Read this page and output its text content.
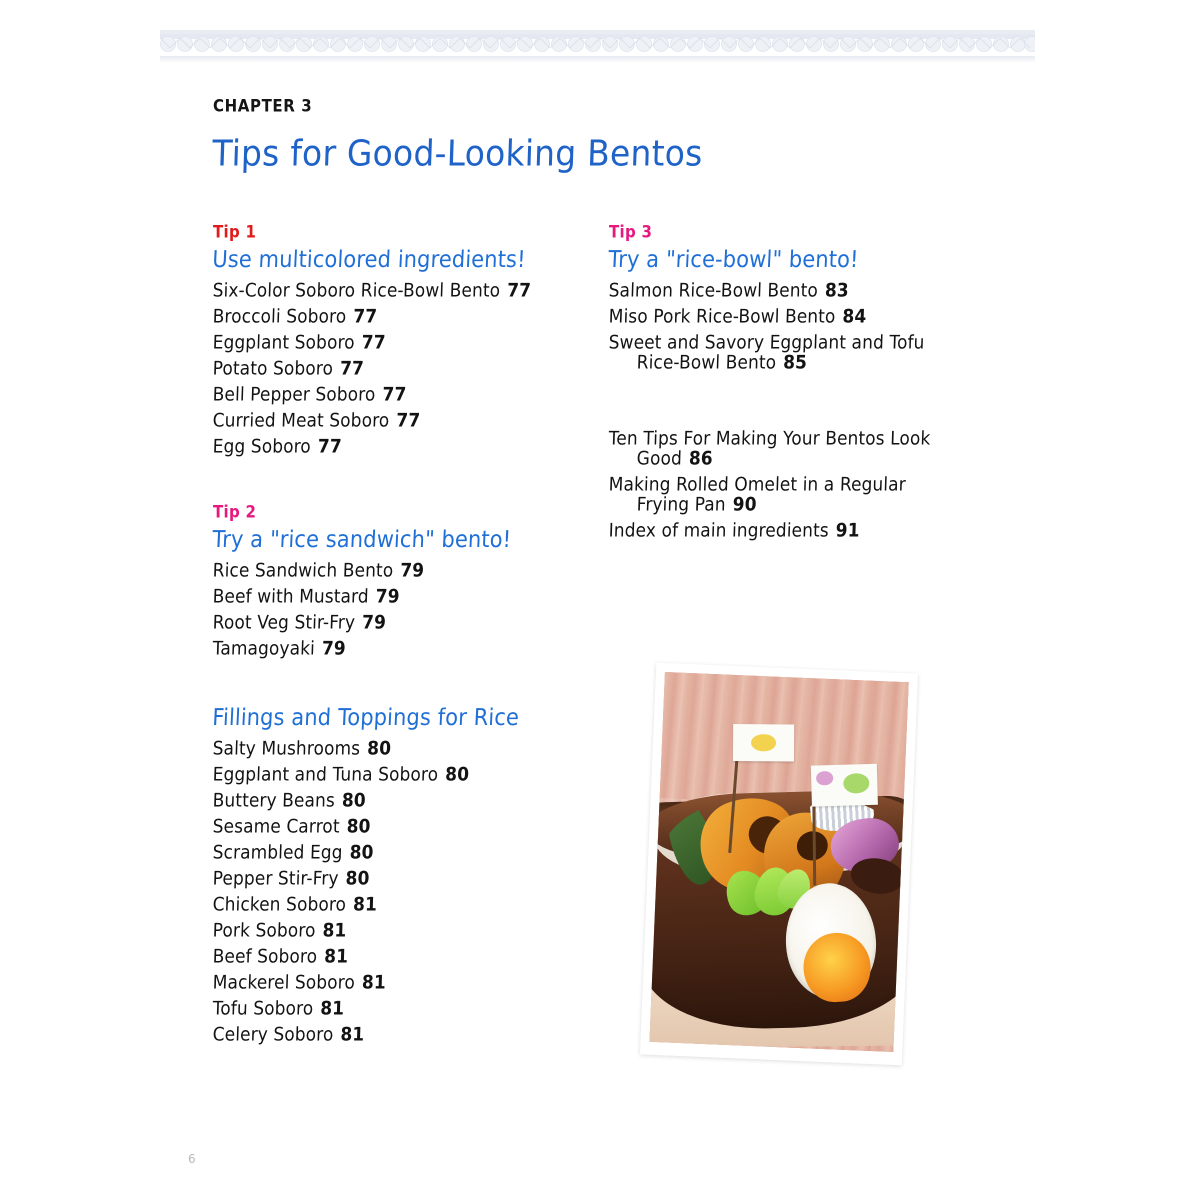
CHAPTER 3
Tips for Good-Looking Bentos
Tip 1
Use multicolored ingredients!
Six-Color Soboro Rice-Bowl Bento 77
Broccoli Soboro 77
Eggplant Soboro 77
Potato Soboro 77
Bell Pepper Soboro 77
Curried Meat Soboro 77
Egg Soboro 77
Tip 2
Try a "rice sandwich" bento!
Rice Sandwich Bento 79
Beef with Mustard 79
Root Veg Stir-Fry 79
Tamagoyaki 79
Fillings and Toppings for Rice
Salty Mushrooms 80
Eggplant and Tuna Soboro 80
Buttery Beans 80
Sesame Carrot 80
Scrambled Egg 80
Pepper Stir-Fry 80
Chicken Soboro 81
Pork Soboro 81
Beef Soboro 81
Mackerel Soboro 81
Tofu Soboro 81
Celery Soboro 81
Tip 3
Try a "rice-bowl" bento!
Salmon Rice-Bowl Bento 83
Miso Pork Rice-Bowl Bento 84
Sweet and Savory Eggplant and Tofu
Rice-Bowl Bento 85
Ten Tips For Making Your Bentos Look
Good 86
Making Rolled Omelet in a Regular
Frying Pan 90
Index of main ingredients 91
6
